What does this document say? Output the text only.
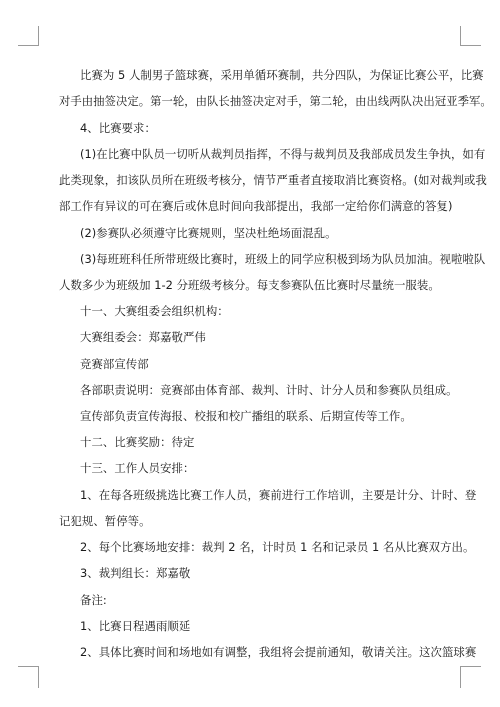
比赛为 5 人制男子篮球赛，采用单循环赛制，共分四队，为保证比赛公平，比赛
对手由抽签决定。第一轮，由队长抽签决定对手，第二轮，由出线两队决出冠亚季军。
4、比赛要求：
(1)在比赛中队员一切听从裁判员指挥，不得与裁判员及我部成员发生争执，如有
此类现象，扣该队员所在班级考核分，情节严重者直接取消比赛资格。(如对裁判或我
部工作有异议的可在赛后或休息时间向我部提出，我部一定给你们满意的答复)
(2)参赛队必须遵守比赛规则，坚决杜绝场面混乱。
(3)每班班科任所带班级比赛时，班级上的同学应积极到场为队员加油。视啦啦队
人数多少为班级加 1-2 分班级考核分。每支参赛队伍比赛时尽量统一服装。
十一、大赛组委会组织机构：
大赛组委会：郑嘉敬严伟
竞赛部宣传部
各部职责说明：竞赛部由体育部、裁判、计时、计分人员和参赛队员组成。
宣传部负责宣传海报、校报和校广播组的联系、后期宣传等工作。
十二、比赛奖励：待定
十三、工作人员安排：
1、在每各班级挑选比赛工作人员，赛前进行工作培训，主要是计分、计时、登
记犯规、暂停等。
2、每个比赛场地安排：裁判 2 名，计时员 1 名和记录员 1 名从比赛双方出。
3、裁判组长：郑嘉敬
备注:
1、比赛日程遇雨顺延
2、具体比赛时间和场地如有调整，我组将会提前通知，敬请关注。这次篮球赛
